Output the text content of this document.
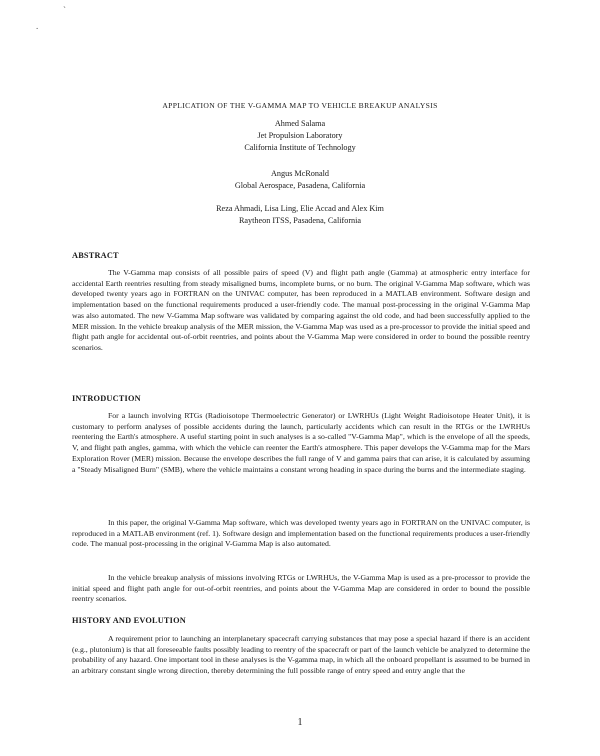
`
.
APPLICATION OF THE V-GAMMA MAP TO VEHICLE BREAKUP ANALYSIS
Ahmed Salama
Jet Propulsion Laboratory
California Institute of Technology
Angus McRonald
Global Aerospace, Pasadena, California
Reza Ahmadi, Lisa Ling, Elie Accad and Alex Kim
Raytheon ITSS, Pasadena, California
ABSTRACT

The V-Gamma map consists of all possible pairs of speed (V) and flight path angle (Gamma) at atmospheric entry interface for accidental Earth reentries resulting from steady misaligned burns, incomplete burns, or no burn. The original V-Gamma Map software, which was developed twenty years ago in FORTRAN on the UNIVAC computer, has been reproduced in a MATLAB environment. Software design and implementation based on the functional requirements produced a user-friendly code. The manual post-processing in the original V-Gamma Map was also automated. The new V-Gamma Map software was validated by comparing against the old code, and had been successfully applied to the MER mission. In the vehicle breakup analysis of the MER mission, the V-Gamma Map was used as a pre-processor to provide the initial speed and flight path angle for accidental out-of-orbit reentries, and points about the V-Gamma Map were considered in order to bound the possible reentry scenarios.

INTRODUCTION

For a launch involving RTGs (Radioisotope Thermoelectric Generator) or LWRHUs (Light Weight Radioisotope Heater Unit), it is customary to perform analyses of possible accidents during the launch, particularly accidents which can result in the RTGs or the LWRHUs reentering the Earth's atmosphere. A useful starting point in such analyses is a so-called "V-Gamma Map", which is the envelope of all the speeds, V, and flight path angles, gamma, with which the vehicle can reenter the Earth's atmosphere. This paper develops the V-Gamma map for the Mars Exploration Rover (MER) mission. Because the envelope describes the full range of V and gamma pairs that can arise, it is calculated by assuming a "Steady Misaligned Burn" (SMB), where the vehicle maintains a constant wrong heading in space during the burns and the intermediate staging.

In this paper, the original V-Gamma Map software, which was developed twenty years ago in FORTRAN on the UNIVAC computer, is reproduced in a MATLAB environment (ref. 1). Software design and implementation based on the functional requirements produces a user-friendly code. The manual post-processing in the original V-Gamma Map is also automated.

In the vehicle breakup analysis of missions involving RTGs or LWRHUs, the V-Gamma Map is used as a pre-processor to provide the initial speed and flight path angle for out-of-orbit reentries, and points about the V-Gamma Map are considered in order to bound the possible reentry scenarios.

HISTORY AND EVOLUTION

A requirement prior to launching an interplanetary spacecraft carrying substances that may pose a special hazard if there is an accident (e.g., plutonium) is that all foreseeable faults possibly leading to reentry of the spacecraft or part of the launch vehicle be analyzed to determine the probability of any hazard. One important tool in these analyses is the V-gamma map, in which all the onboard propellant is assumed to be burned in an arbitrary constant single wrong direction, thereby determining the full possible range of entry speed and entry angle that the

1
